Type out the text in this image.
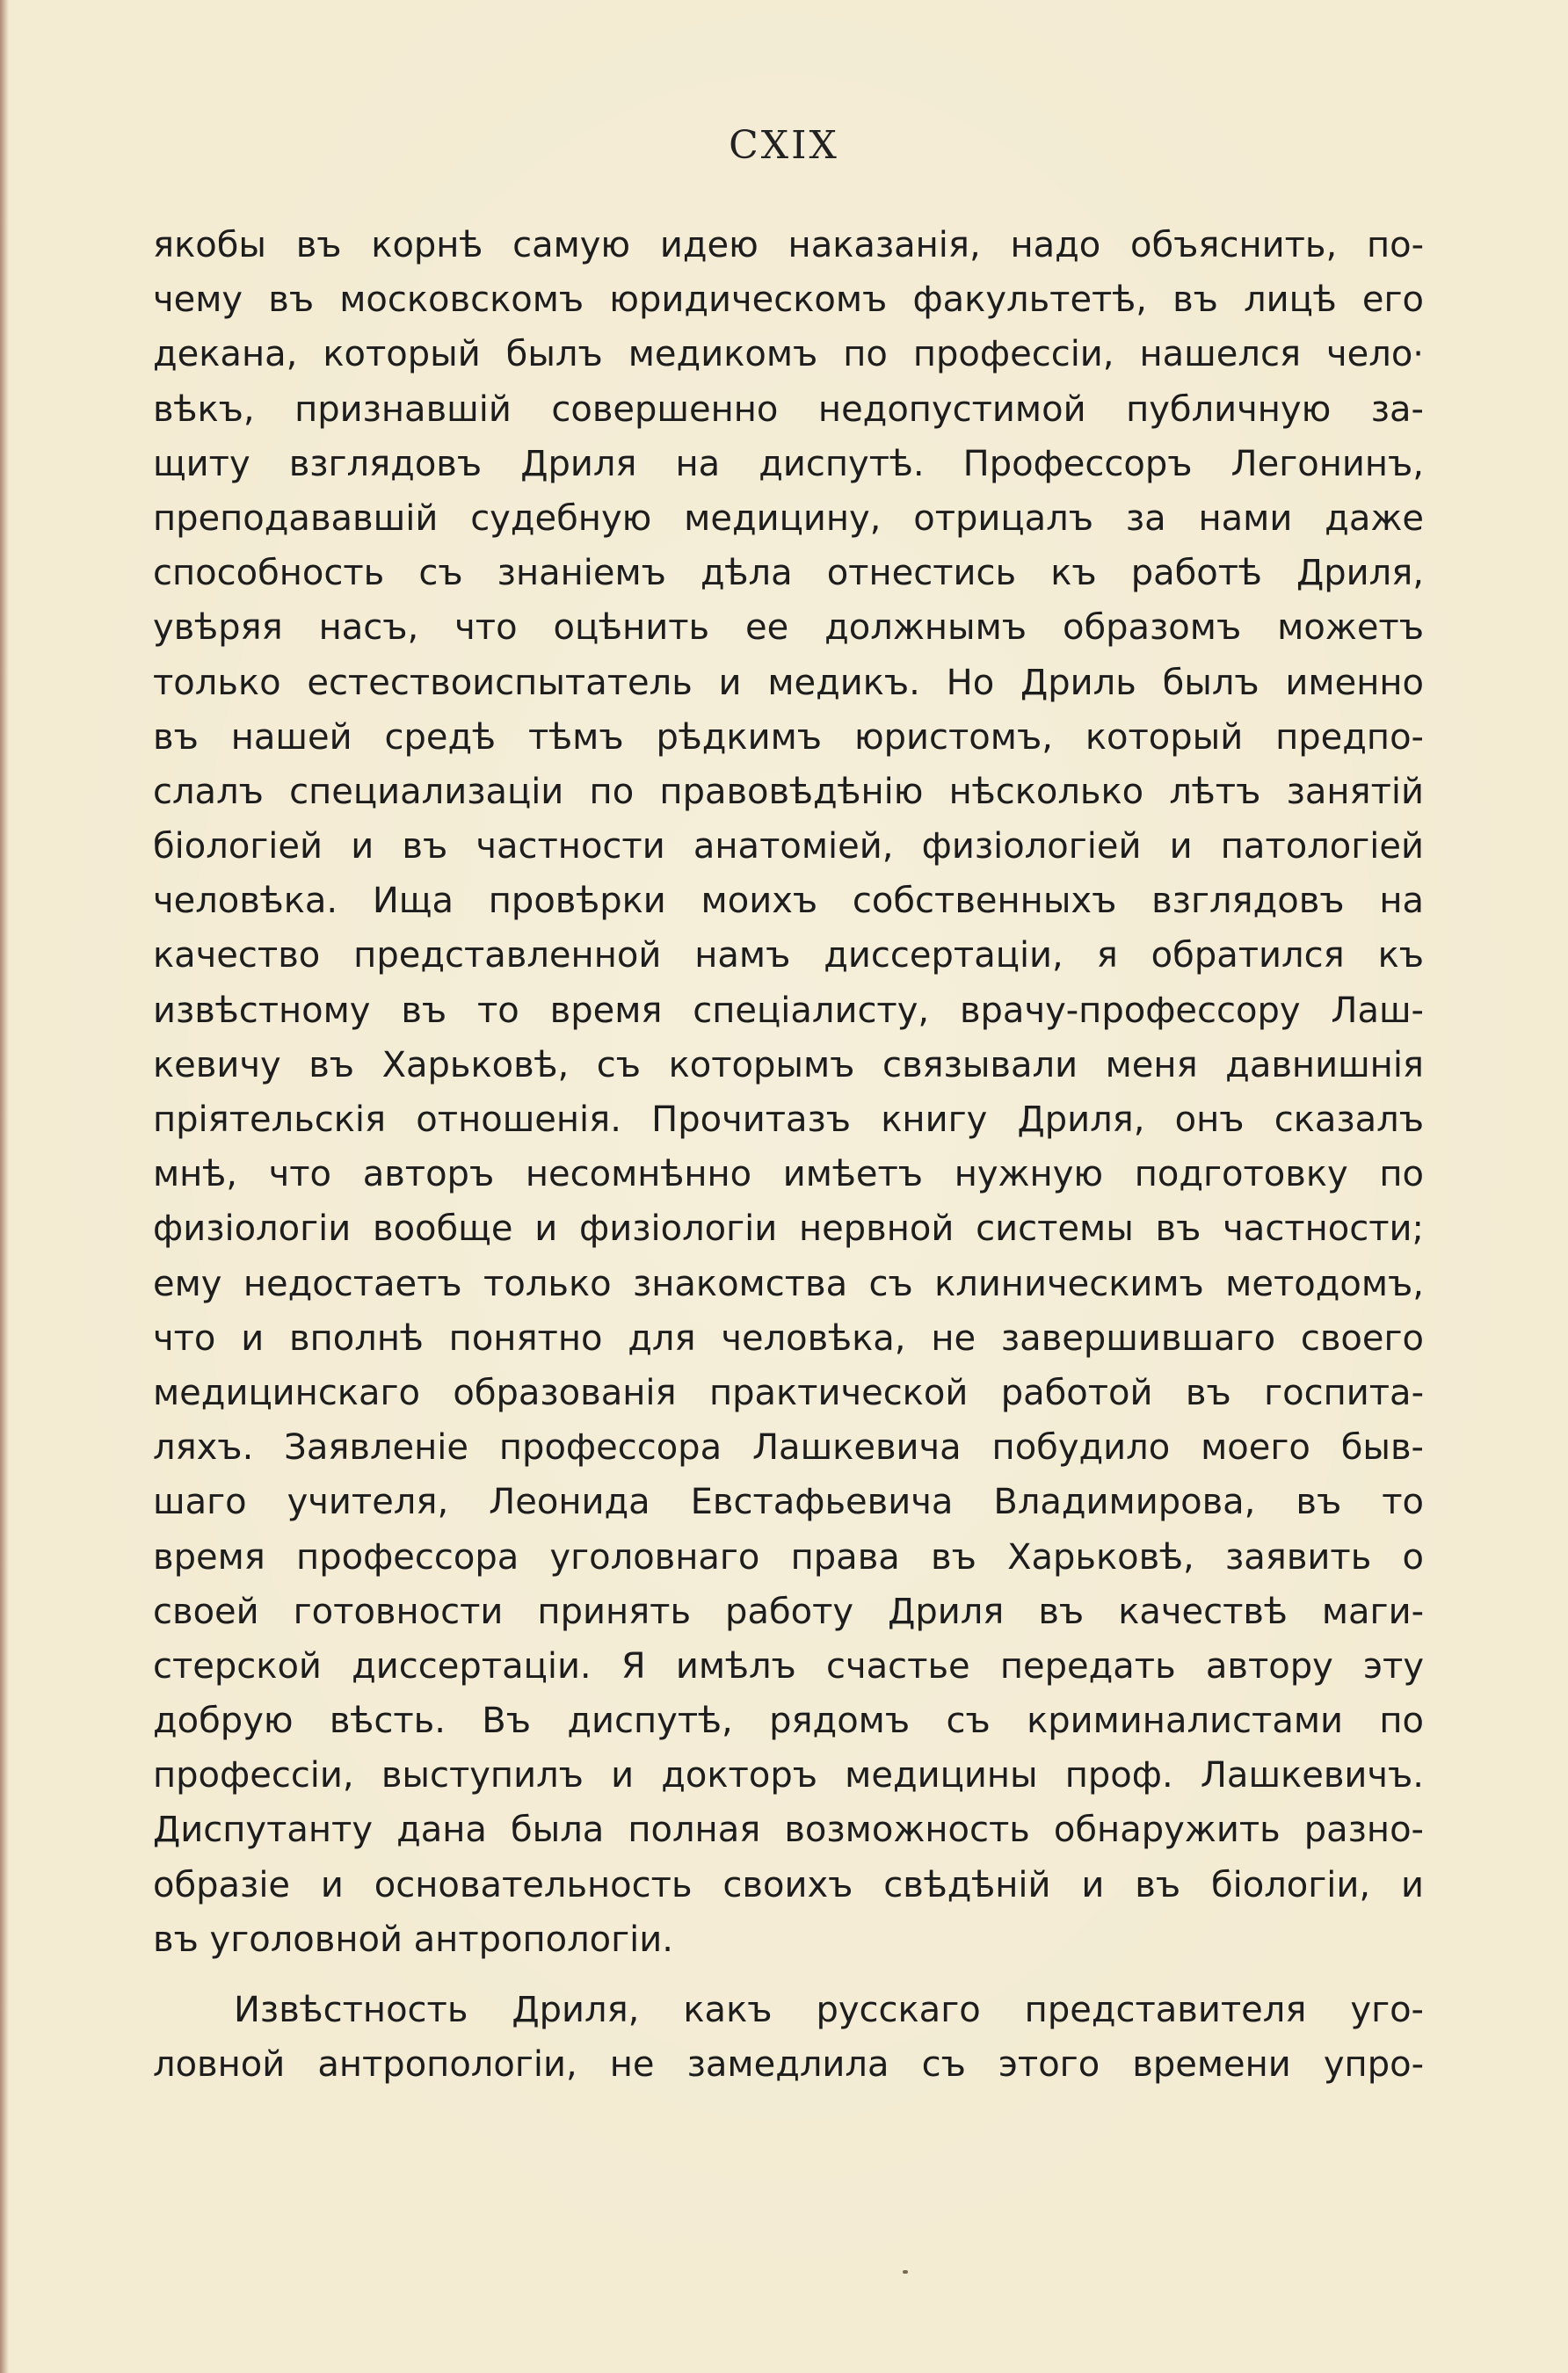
CXIX
якобы въ корнѣ самую идею наказанія, надо объяснить, по-
чему въ московскомъ юридическомъ факультетѣ, въ лицѣ его
декана, который былъ медикомъ по профессіи, нашелся чело·
вѣкъ, признавшій совершенно недопустимой публичную за-
щиту взглядовъ Дриля на диспутѣ. Профессоръ Легонинъ,
преподававшій судебную медицину, отрицалъ за нами даже
способность съ знаніемъ дѣла отнестись къ работѣ Дриля,
увѣряя насъ, что оцѣнить ее должнымъ образомъ можетъ
только естествоиспытатель и медикъ. Но Дриль былъ именно
въ нашей средѣ тѣмъ рѣдкимъ юристомъ, который предпо-
слалъ специализаціи по правовѣдѣнію нѣсколько лѣтъ занятій
біологіей и въ частности анатоміей, физіологіей и патологіей
человѣка. Ища провѣрки моихъ собственныхъ взглядовъ на
качество представленной намъ диссертаціи, я обратился къ
извѣстному въ то время спеціалисту, врачу-профессору Лаш-
кевичу въ Харьковѣ, съ которымъ связывали меня давнишнія
пріятельскія отношенія. Прочитазъ книгу Дриля, онъ сказалъ
мнѣ, что авторъ несомнѣнно имѣетъ нужную подготовку по
физіологіи вообще и физіологіи нервной системы въ частности;
ему недостаетъ только знакомства съ клиническимъ методомъ,
что и вполнѣ понятно для человѣка, не завершившаго своего
медицинскаго образованія практической работой въ госпита-
ляхъ. Заявленіе профессора Лашкевича побудило моего быв-
шаго учителя, Леонида Евстафьевича Владимирова, въ то
время профессора уголовнаго права въ Харьковѣ, заявить о
своей готовности принять работу Дриля въ качествѣ маги-
стерской диссертаціи. Я имѣлъ счастье передать автору эту
добрую вѣсть. Въ диспутѣ, рядомъ съ криминалистами по
профессіи, выступилъ и докторъ медицины проф. Лашкевичъ.
Диспутанту дана была полная возможность обнаружить разно-
образіе и основательность своихъ свѣдѣній и въ біологіи, и
въ уголовной антропологіи.
Извѣстность Дриля, какъ русскаго представителя уго-
ловной антропологіи, не замедлила съ этого времени упро-
